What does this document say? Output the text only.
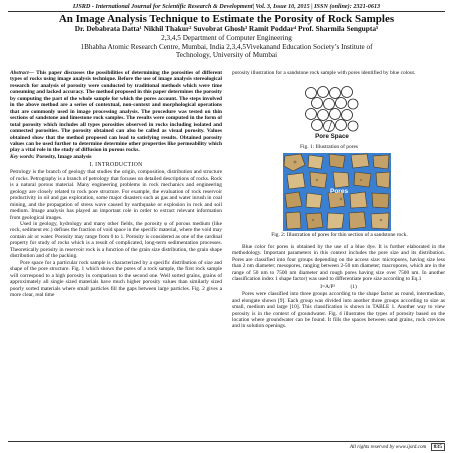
IJSRD - International Journal for Scientific Research & Development| Vol. 3, Issue 10, 2015 | ISSN (online): 2321-0613
An Image Analysis Technique to Estimate the Porosity of Rock Samples
Dr. Debabrata Datta¹ Nikhil Thakur² Suvobrat Ghosh³ Ramit Poddar⁴ Prof. Sharmila Sengupta⁵
2,3,4,5 Department of Computer Engineering
1Bhabha Atomic Research Centre, Mumbai, India 2,3,4,5Vivekanand Education Society’s Institute of
Technology, University of Mumbai

Abstract— This paper discusses the possibilities of determining the porosities of different types of rocks using image analysis technique. Before the use of image analysis stereological research for analysis of porosity were conducted by traditional methods which were time consuming and lacked accuracy. The method proposed in this paper determines the porosity by computing the part of the whole sample for which the pores account. The steps involved in the above method are a series of contextual, non-context and morphological operations that are commonly used in image processing analysis. The procedure was tested on thin sections of sandstone and limestone rock samples. The results were computed in the form of total porosity which includes all types porosities observed in rocks including isolated and connected porosities. The porosity obtained can also be called as visual porosity. Values obtained show that the method proposed can lead to satisfying results. Obtained porosity values can be used further to determine determine other properties like permeability which play a vital role in the study of diffusion in porous rocks.

Key words: Porosity, Image analysis

I. INTRODUCTION

Petrology is the branch of geology that studies the origin, composition, distribution and structure of rocks. Petrography is a branch of petrology that focuses on detailed descriptions of rocks. Rock is a natural porous material. Many engineering problems in rock mechanics and engineering geology are closely related to rock pore structure. For example, the evaluation of rock reservoir productivity in oil and gas exploration, some major disasters such as gas and water inrush in coal mining, and the propagation of stress wave caused by earthquake or explosion in rock and soil medium. Image analysis has played an important role in order to extract relevant information from geological images.

Used in geology, hydrology and many other fields, the porosity φ of porous medium (like rock, sediment etc.) defines the fraction of void space in the specific material, where the void may contain air or water. Porosity may range from 0 to 1. Porosity is considered as one of the cardinal property for study of rocks which is a result of complicated, long-term sedimentation processes. Theoretically porosity in reservoir rock is a function of the grain size distribution, the grain shape distribution and of the packing.

Pore space for a particular rock sample is characterized by a specific distribution of size and shape of the pore structure. Fig. 1 which shows the pores of a rock sample, the first rock sample will correspond to a high porosity in comparison to the second one. Well sorted grains, grains of approximately all single sized materials have much higher porosity values than similarly sized poorly sorted materials where small particles fill the gaps between large particles. Fig. 2 gives a more clear, real time

porosity illustration for a sandstone rock sample with pores identified by blue colour.

Pore Space
Fig. 1: Illustration of pores
Pores
Fig. 2: Illustration of pores for thin section of a sandstone rock.

Blue color for pores is obtained by the use of a blue dye. It is further elaborated in the methodology. Important parameters in this context includes the pore size and its distribution. Pores are classified into four groups depending on the access size: micropores, having size less than 2 nm diameter; mesopores, ranging between 2-50 nm diameter; macropores, which are in the range of 50 nm to 7500 nm diameter and rough pores having size over 7500 nm. In another classification index 1 shape factor) was used to differentiate pore size according to Eq.1

I=A/P²	(1)

Pores were classified into three groups according to the shape factor as round, intermediate, and elongate shown [9]. Each group was divided into another three groups according to size as small, medium and large [10]. This classification is shown in TABLE 1. Another way to view porosity is in the context of groundwater. Fig. 4 illustrates the types of porosity based on the location where groundwater can be found. It fills the spaces between sand grains, rock crevices and in solution openings.

All rights reserved by www.ijsrd.com 835
